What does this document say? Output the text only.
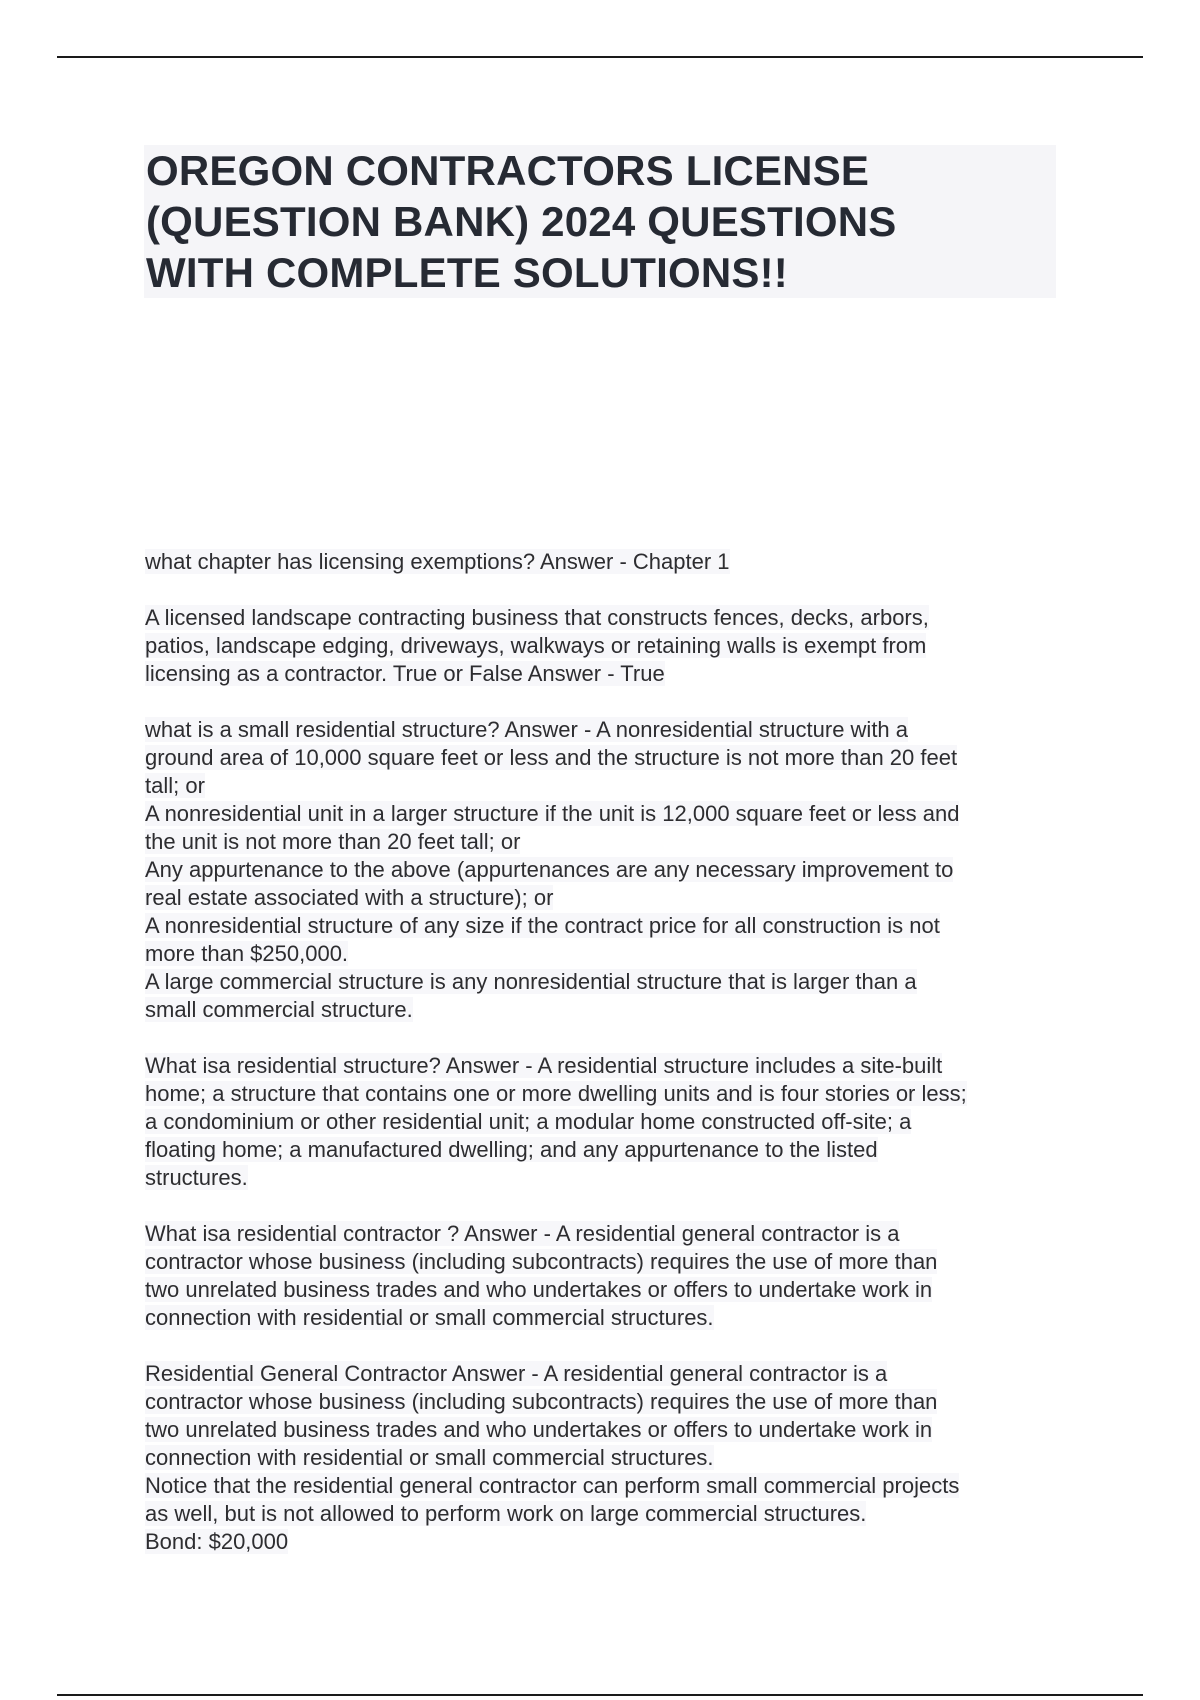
OREGON CONTRACTORS LICENSE
(QUESTION BANK) 2024 QUESTIONS
WITH COMPLETE SOLUTIONS!!
what chapter has licensing exemptions? Answer - Chapter 1
A licensed landscape contracting business that constructs fences, decks, arbors,
patios, landscape edging, driveways, walkways or retaining walls is exempt from
licensing as a contractor. True or False Answer - True
what is a small residential structure? Answer - A nonresidential structure with a
ground area of 10,000 square feet or less and the structure is not more than 20 feet
tall; or
A nonresidential unit in a larger structure if the unit is 12,000 square feet or less and
the unit is not more than 20 feet tall; or
Any appurtenance to the above (appurtenances are any necessary improvement to
real estate associated with a structure); or
A nonresidential structure of any size if the contract price for all construction is not
more than $250,000.
A large commercial structure is any nonresidential structure that is larger than a
small commercial structure.
What isa residential structure? Answer - A residential structure includes a site-built
home; a structure that contains one or more dwelling units and is four stories or less;
a condominium or other residential unit; a modular home constructed off-site; a
floating home; a manufactured dwelling; and any appurtenance to the listed
structures.
What isa residential contractor ? Answer - A residential general contractor is a
contractor whose business (including subcontracts) requires the use of more than
two unrelated business trades and who undertakes or offers to undertake work in
connection with residential or small commercial structures.
Residential General Contractor Answer - A residential general contractor is a
contractor whose business (including subcontracts) requires the use of more than
two unrelated business trades and who undertakes or offers to undertake work in
connection with residential or small commercial structures.
Notice that the residential general contractor can perform small commercial projects
as well, but is not allowed to perform work on large commercial structures.
Bond: $20,000
